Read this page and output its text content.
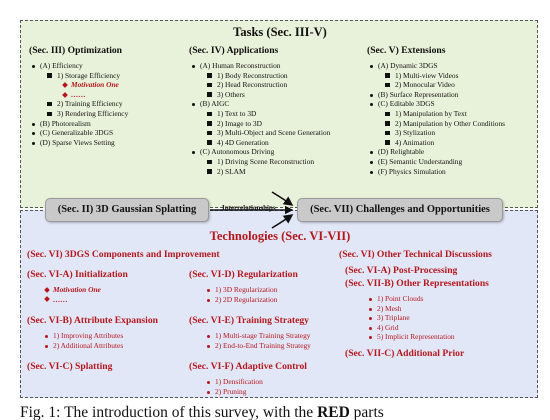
Tasks (Sec. III-V)
(Sec. III) Optimization
(A) Efficiency
1) Storage Efficiency
Motivation One
……
2) Training Efficiency
3) Rendering Efficiency
(B) Photorealism
(C) Generalizable 3DGS
(D) Sparse Views Setting
(Sec. IV) Applications
(A) Human Reconstruction
1) Body Reconstruction
2) Head Reconstruction
3) Others
(B) AIGC
1) Text to 3D
2) Image to 3D
3) Multi-Object and Scene Generation
4) 4D Generation
(C) Autonomous Driving
1) Driving Scene Reconstruction
2) SLAM
(Sec. V) Extensions
(A) Dynamic 3DGS
1) Multi-view Videos
2) Monocular Video
(B) Surface Representation
(C) Editable 3DGS
1) Manipulation by Text
2) Manipulation by Other Conditions
3) Stylization
4) Animation
(D) Relightable
(E) Semantic Understanding
(F) Physics Simulation
Technologies (Sec. VI-VII)
(Sec. VI) 3DGS Components and Improvement
(Sec. VI-A) Initialization
Motivation One
……
(Sec. VI-B) Attribute Expansion
1) Improving Attributes
2) Additional Attributes
(Sec. VI-C) Splatting
(Sec. VI-D) Regularization
1) 3D Regularization
2) 2D Regularization
(Sec. VI-E) Training Strategy
1) Multi-stage Training Strategy
2) End-to-End Training Strategy
(Sec. VI-F) Adaptive Control
1) Densification
2) Pruning
(Sec. VI) Other Technical Discussions
(Sec. VI-A) Post-Processing
(Sec. VII-B) Other Representations
1) Point Clouds
2) Mesh
3) Triplane
4) Grid
5) Implicit Representation
(Sec. VII-C) Additional Prior
(Sec. II) 3D Gaussian Splatting	Interrelationships	(Sec. VII) Challenges and Opportunities
Fig. 1: The introduction of this survey, with the RED parts
